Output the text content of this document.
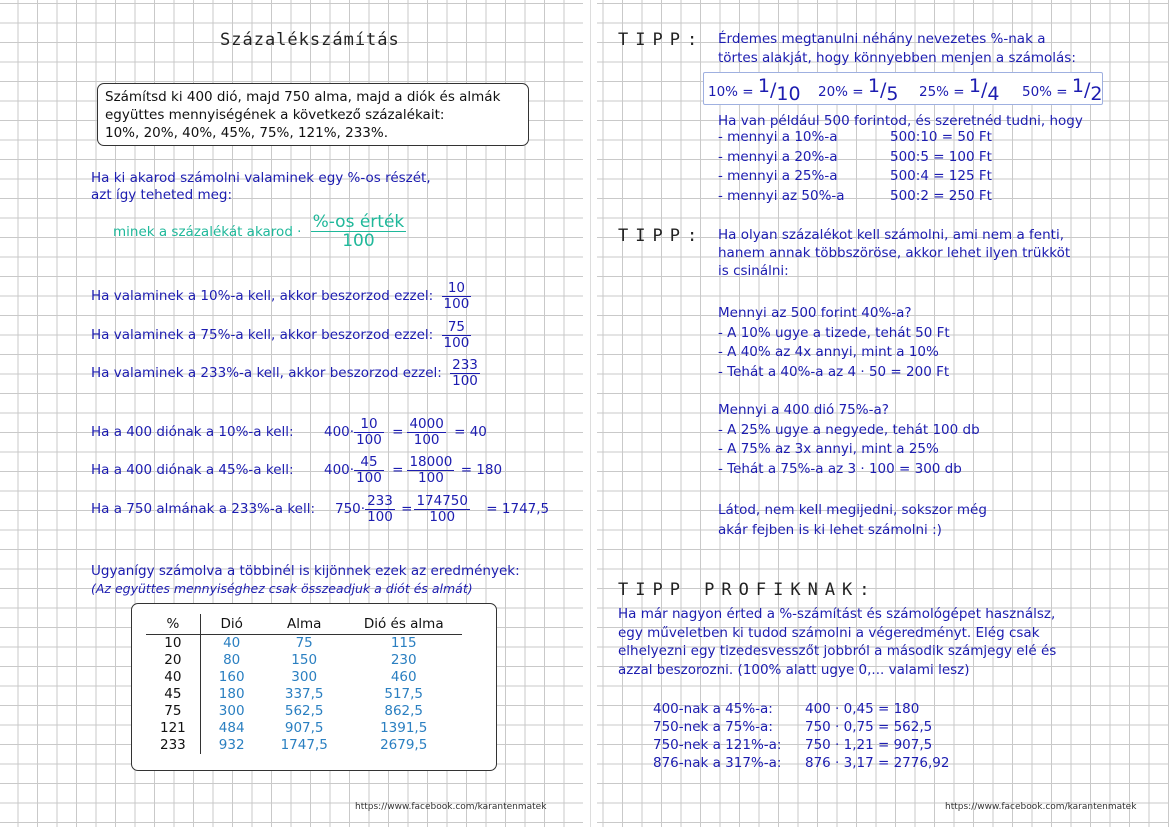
Százalékszámítás
Számítsd ki 400 dió, majd 750 alma, majd a diók és almák
együttes mennyiségének a következő százalékait:
10%, 20%, 40%, 45%, 75%, 121%, 233%.
Ha ki akarod számolni valaminek egy %-os részét,
azt így teheted meg:
minek a százalékát akarod · $\frac{\text{\%-os érték}}{100}$
Ha valaminek a 10%-a kell, akkor beszorzod ezzel: $\frac{10}{100}$
Ha valaminek a 75%-a kell, akkor beszorzod ezzel: $\frac{75}{100}$
Ha valaminek a 233%-a kell, akkor beszorzod ezzel: $\frac{233}{100}$
Ha a 400 diónak a 10%-a kell: $400\cdot \frac{10}{100} = \frac{4000}{100} = 40$
Ha a 400 diónak a 45%-a kell: $400\cdot \frac{45}{100} = \frac{18000}{100} = 180$
Ha a 750 almának a 233%-a kell: $750\cdot \frac{233}{100} = \frac{174750}{100} = 1747,5$
Ugyanígy számolva a többinél is kijönnek ezek az eredmények:
(Az együttes mennyiséghez csak összeadjuk a diót és almát)
%	Dió	Alma	Dió és alma
10	40	75	115
20	80	150	230
40	160	300	460
45	180	337,5	517,5
75	300	562,5	862,5
121	484	907,5	1391,5
233	932	1747,5	2679,5
https://www.facebook.com/karantenmatek
TIPP: Érdemes megtanulni néhány nevezetes %-nak a
törtes alakját, hogy könnyebben menjen a számolás:
10% = 1/10 20% = 1/5 25% = 1/4 50% = 1/2
Ha van például 500 forintod, és szeretnéd tudni, hogy
- mennyi a 10%-a	500:10 = 50 Ft
- mennyi a 20%-a	500:5 = 100 Ft
- mennyi a 25%-a	500:4 = 125 Ft
- mennyi az 50%-a	500:2 = 250 Ft
TIPP: Ha olyan százalékot kell számolni, ami nem a fenti,
hanem annak többszöröse, akkor lehet ilyen trükköt
is csinálni:
Mennyi az 500 forint 40%-a?
- A 10% ugye a tizede, tehát 50 Ft
- A 40% az 4x annyi, mint a 10%
- Tehát a 40%-a az 4 · 50 = 200 Ft
Mennyi a 400 dió 75%-a?
- A 25% ugye a negyede, tehát 100 db
- A 75% az 3x annyi, mint a 25%
- Tehát a 75%-a az 3 · 100 = 300 db
Látod, nem kell megijedni, sokszor még
akár fejben is ki lehet számolni :)
TIPP PROFIKNAK:
Ha már nagyon érted a %-számítást és számológépet használsz,
egy műveletben ki tudod számolni a végeredményt. Elég csak
elhelyezni egy tizedesvesszőt jobbról a második számjegy elé és
azzal beszorozni. (100% alatt ugye 0,... valami lesz)
400-nak a 45%-a: 400 · 0,45 = 180
750-nek a 75%-a: 750 · 0,75 = 562,5
750-nek a 121%-a: 750 · 1,21 = 907,5
876-nak a 317%-a: 876 · 3,17 = 2776,92
https://www.facebook.com/karantenmatek
